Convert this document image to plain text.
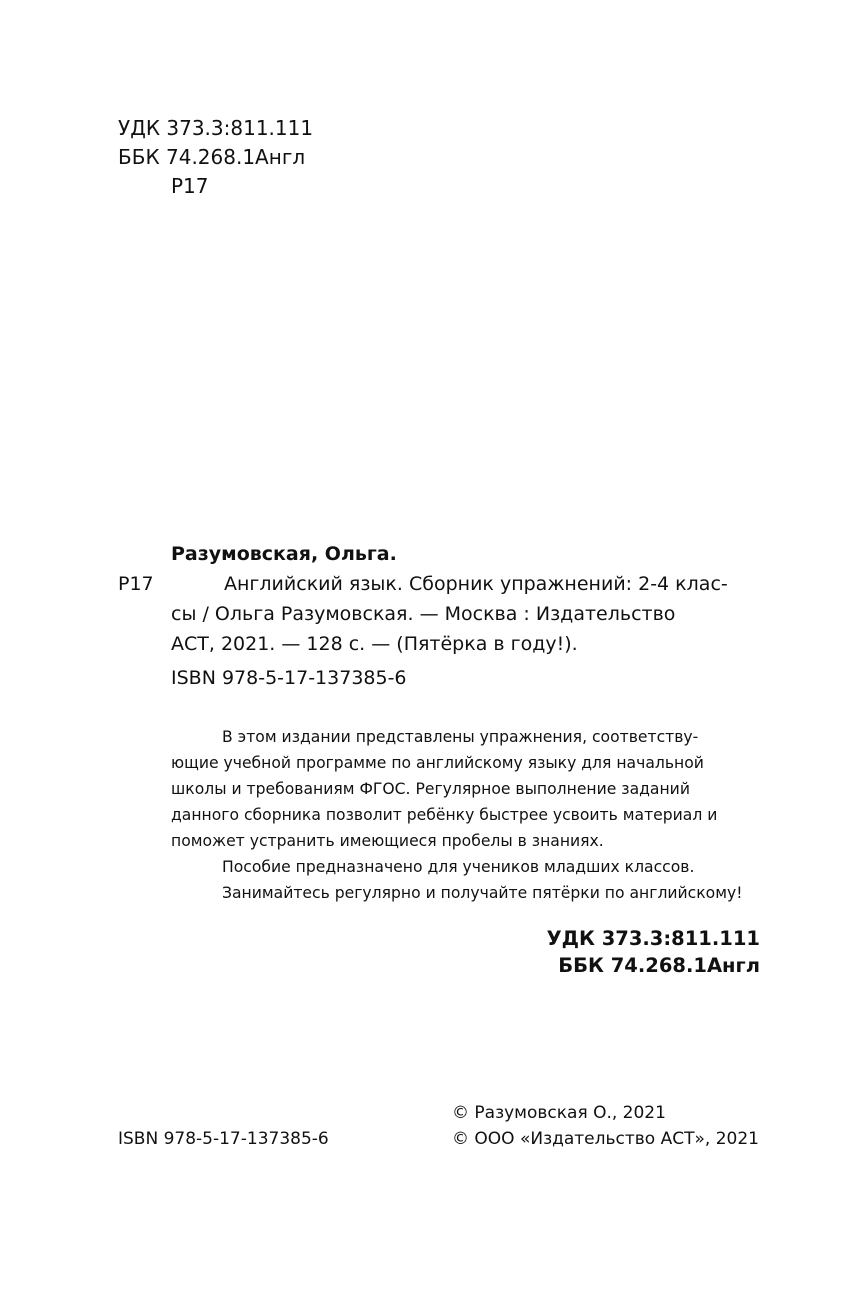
УДК 373.3:811.111
ББК 74.268.1Англ
Р17
Разумовская, Ольга.
Р17	Английский язык. Сборник упражнений: 2-4 клас-
сы / Ольга Разумовская. — Москва : Издательство
АСТ, 2021. — 128 с. — (Пятёрка в году!).
ISBN 978-5-17-137385-6

В этом издании представлены упражнения, соответству-

ющие учебной программе по английскому языку для начальной

школы и требованиям ФГОС. Регулярное выполнение заданий

данного сборника позволит ребёнку быстрее усвоить материал и

поможет устранить имеющиеся пробелы в знаниях.

Пособие предназначено для учеников младших классов.

Занимайтесь регулярно и получайте пятёрки по английскому!

УДК 373.3:811.111
ББК 74.268.1Англ
ISBN 978-5-17-137385-6
© Разумовская О., 2021
© ООО «Издательство АСТ», 2021
